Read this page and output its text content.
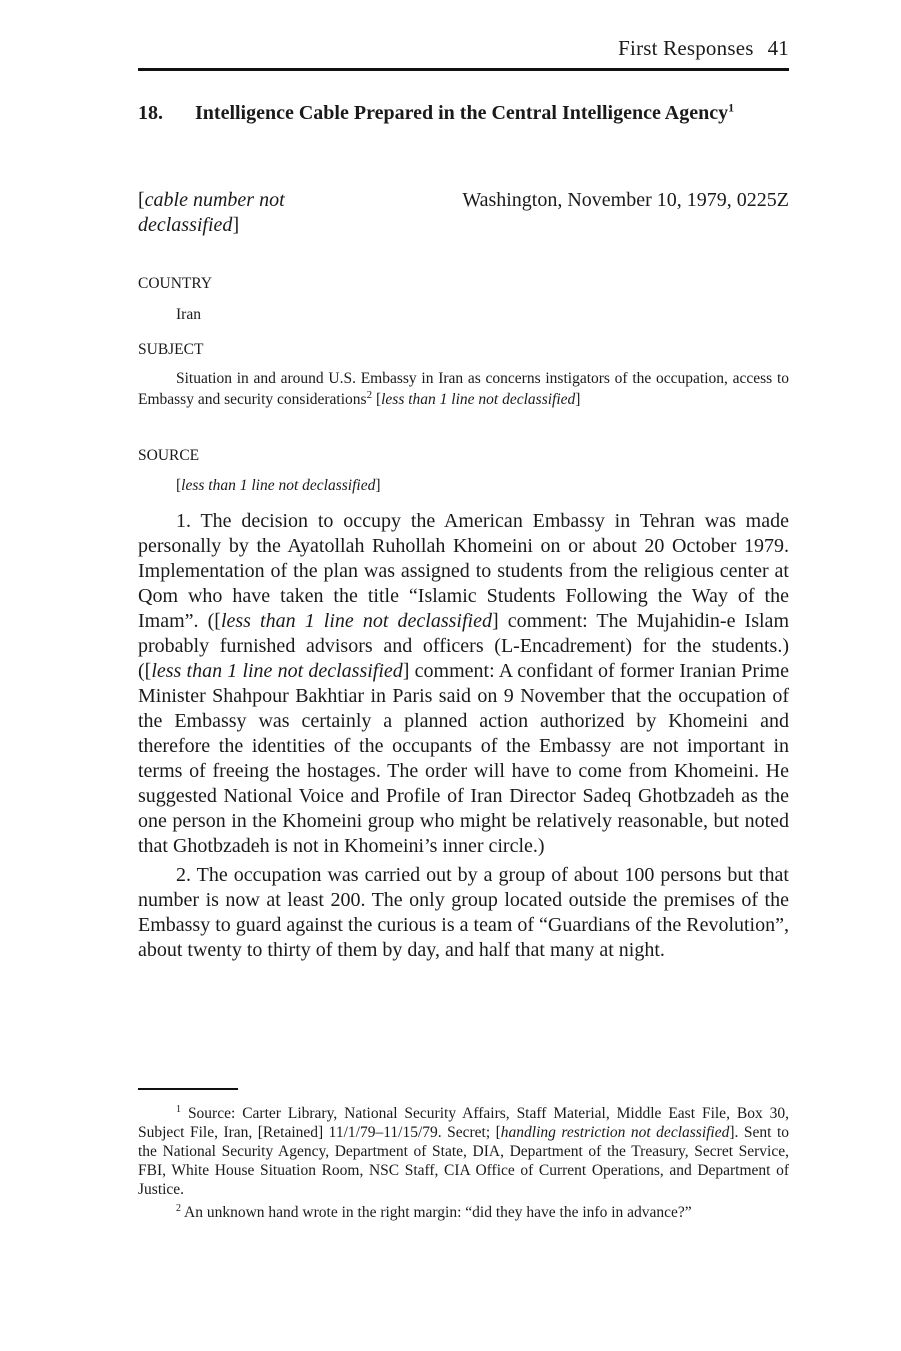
First Responses 41
18. Intelligence Cable Prepared in the Central Intelligence Agency$^1$
[cable number not declassified]
Washington, November 10, 1979, 0225Z
COUNTRY
Iran
SUBJECT
Situation in and around U.S. Embassy in Iran as concerns instigators of the occupation, access to Embassy and security considerations$^2$ [less than 1 line not declassified]
SOURCE
[less than 1 line not declassified]

1. The decision to occupy the American Embassy in Tehran was made personally by the Ayatollah Ruhollah Khomeini on or about 20 October 1979. Implementation of the plan was assigned to students from the religious center at Qom who have taken the title “Islamic Students Following the Way of the Imam”. ([less than 1 line not declassified] comment: The Mujahidin-e Islam probably furnished advisors and officers (L-Encadrement) for the students.) ([less than 1 line not declassified] comment: A confidant of former Iranian Prime Minister Shahpour Bakhtiar in Paris said on 9 November that the occupation of the Embassy was certainly a planned action authorized by Khomeini and therefore the identities of the occupants of the Embassy are not important in terms of freeing the hostages. The order will have to come from Khomeini. He suggested National Voice and Profile of Iran Director Sadeq Ghotbzadeh as the one person in the Khomeini group who might be relatively reasonable, but noted that Ghotbzadeh is not in Khomeini’s inner circle.)

2. The occupation was carried out by a group of about 100 persons but that number is now at least 200. The only group located outside the premises of the Embassy to guard against the curious is a team of “Guardians of the Revolution”, about twenty to thirty of them by day, and half that many at night.

$^1$ Source: Carter Library, National Security Affairs, Staff Material, Middle East File, Box 30, Subject File, Iran, [Retained] 11/1/79–11/15/79. Secret; [handling restriction not declassified]. Sent to the National Security Agency, Department of State, DIA, Department of the Treasury, Secret Service, FBI, White House Situation Room, NSC Staff, CIA Office of Current Operations, and Department of Justice.

$^2$ An unknown hand wrote in the right margin: “did they have the info in advance?”
